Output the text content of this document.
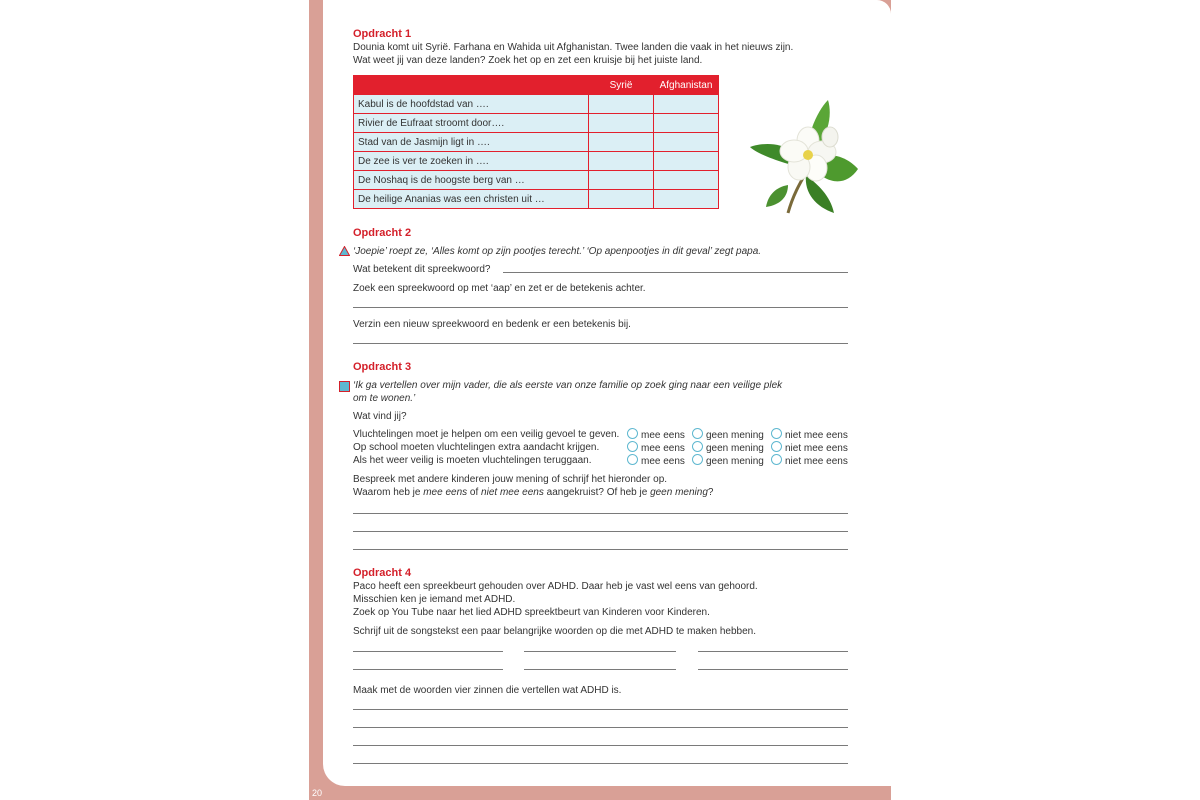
20
Opdracht 1
Dounia komt uit Syrië. Farhana en Wahida uit Afghanistan. Twee landen die vaak in het nieuws zijn.
Wat weet jij van deze landen? Zoek het op en zet een kruisje bij het juiste land.
	Syrië	Afghanistan
Kabul is de hoofdstad van ….		
Rivier de Eufraat stroomt door….		
Stad van de Jasmijn ligt in ….		
De zee is ver te zoeken in ….		
De Noshaq is de hoogste berg van …		
De heilige Ananias was een christen uit …		
Opdracht 2
‘Joepie’ roept ze, ‘Alles komt op zijn pootjes terecht.’ ‘Op apenpootjes in dit geval’ zegt papa.
Wat betekent dit spreekwoord?
Zoek een spreekwoord op met ‘aap’ en zet er de betekenis achter.
Verzin een nieuw spreekwoord en bedenk er een betekenis bij.
Opdracht 3
‘Ik ga vertellen over mijn vader, die als eerste van onze familie op zoek ging naar een veilige plek
om te wonen.’
Wat vind jij?
Vluchtelingen moet je helpen om een veilig gevoel te geven.	mee eens	geen mening	niet mee eens
Op school moeten vluchtelingen extra aandacht krijgen.	mee eens	geen mening	niet mee eens
Als het weer veilig is moeten vluchtelingen teruggaan.	mee eens	geen mening	niet mee eens
Bespreek met andere kinderen jouw mening of schrijf het hieronder op.
Waarom heb je mee eens of niet mee eens aangekruist? Of heb je geen mening?
Opdracht 4
Paco heeft een spreekbeurt gehouden over ADHD. Daar heb je vast wel eens van gehoord.
Misschien ken je iemand met ADHD.
Zoek op You Tube naar het lied ADHD spreektbeurt van Kinderen voor Kinderen.
Schrijf uit de songstekst een paar belangrijke woorden op die met ADHD te maken hebben.
Maak met de woorden vier zinnen die vertellen wat ADHD is.
